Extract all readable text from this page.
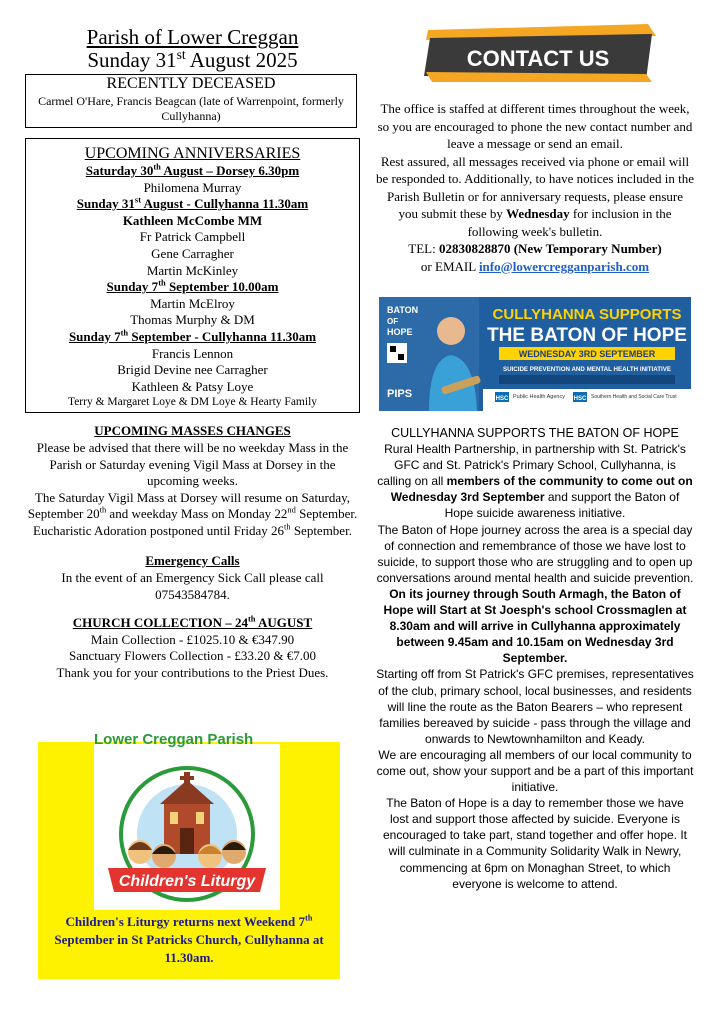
Parish of Lower Creggan
Sunday 31st August 2025
RECENTLY DECEASED
Carmel O'Hare, Francis Beagcan (late of Warrenpoint, formerly Cullyhanna)
UPCOMING ANNIVERSARIES
Saturday 30th August – Dorsey 6.30pm
Philomena Murray
Sunday 31st August - Cullyhanna 11.30am
Kathleen McCombe MM
Fr Patrick Campbell
Gene Carragher
Martin McKinley
Sunday 7th September 10.00am
Martin McElroy
Thomas Murphy & DM
Sunday 7th September - Cullyhanna 11.30am
Francis Lennon
Brigid Devine nee Carragher
Kathleen & Patsy Loye
Terry & Margaret Loye & DM Loye & Hearty Family
UPCOMING MASSES CHANGES
Please be advised that there will be no weekday Mass in the Parish or Saturday evening Vigil Mass at Dorsey in the upcoming weeks.
The Saturday Vigil Mass at Dorsey will resume on Saturday, September 20th and weekday Mass on Monday 22nd September.
Eucharistic Adoration postponed until Friday 26th September.
Emergency Calls
In the event of an Emergency Sick Call please call 07543584784.
CHURCH COLLECTION – 24th AUGUST
Main Collection - £1025.10 & €347.90
Sanctuary Flowers Collection - £33.20 & €7.00
Thank you for your contributions to the Priest Dues.
Lower Creggan Parish
Children's Liturgy
Children's Liturgy returns next Weekend 7th September in St Patricks Church, Cullyhanna at 11.30am.
CONTACT US
The office is staffed at different times throughout the week, so you are encouraged to phone the new contact number and leave a message or send an email.
Rest assured, all messages received via phone or email will be responded to. Additionally, to have notices included in the Parish Bulletin or for anniversary requests, please ensure you submit these by Wednesday for inclusion in the following week's bulletin.
TEL: 02830828870 (New Temporary Number)
or EMAIL info@lowercregganparish.com
BATON
OF
HOPE
PIPS
CULLYHANNA SUPPORTS
THE BATON OF HOPE
WEDNESDAY 3RD SEPTEMBER
SUICIDE PREVENTION AND MENTAL HEALTH INITIATIVE
HSC Public Health Agency HSC Southern Health and Social Care Trust
CULLYHANNA SUPPORTS THE BATON OF HOPE
Rural Health Partnership, in partnership with St. Patrick's GFC and St. Patrick's Primary School, Cullyhanna, is calling on all members of the community to come out on Wednesday 3rd September and support the Baton of Hope suicide awareness initiative.
The Baton of Hope journey across the area is a special day of connection and remembrance of those we have lost to suicide, to support those who are struggling and to open up conversations around mental health and suicide prevention.
On its journey through South Armagh, the Baton of Hope will Start at St Joesph's school Crossmaglen at 8.30am and will arrive in Cullyhanna approximately between 9.45am and 10.15am on Wednesday 3rd September.
Starting off from St Patrick's GFC premises, representatives of the club, primary school, local businesses, and residents will line the route as the Baton Bearers – who represent families bereaved by suicide - pass through the village and onwards to Newtownhamilton and Keady.
We are encouraging all members of our local community to come out, show your support and be a part of this important initiative.
The Baton of Hope is a day to remember those we have lost and support those affected by suicide. Everyone is encouraged to take part, stand together and offer hope. It will culminate in a Community Solidarity Walk in Newry, commencing at 6pm on Monaghan Street, to which everyone is welcome to attend.
